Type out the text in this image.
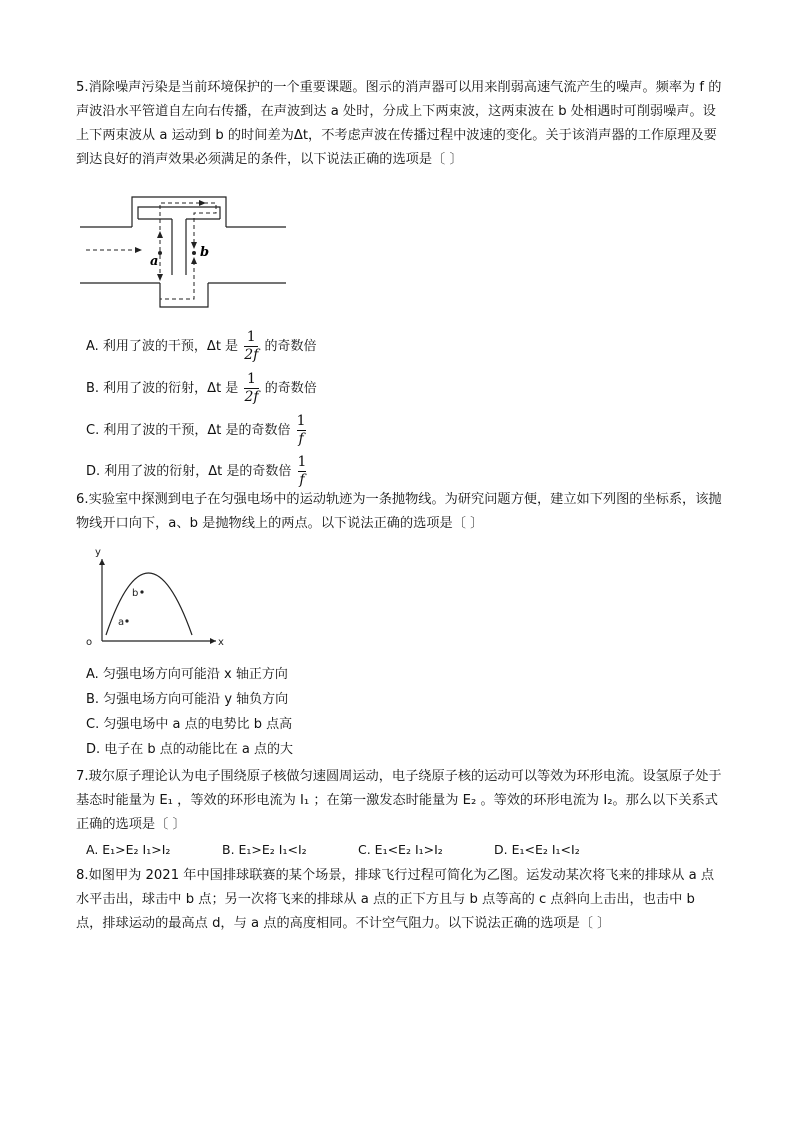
5.消除噪声污染是当前环境保护的一个重要课题。图示的消声器可以用来削弱高速气流产生的噪声。频率为 f 的声波沿水平管道自左向右传播，在声波到达 a 处时，分成上下两束波，这两束波在 b 处相遇时可削弱噪声。设上下两束波从 a 运动到 b 的时间差为Δt，不考虑声波在传播过程中波速的变化。关于该消声器的工作原理及要到达良好的消声效果必须满足的条件，以下说法正确的选项是〔 〕
a
b
A. 利用了波的干预，Δt 是 $\frac{1}{2f}$ 的奇数倍
B. 利用了波的衍射，Δt 是 $\frac{1}{2f}$ 的奇数倍
C. 利用了波的干预，Δt 是的奇数倍 $\frac{1}{f}$
D. 利用了波的衍射，Δt 是的奇数倍 $\frac{1}{f}$
6.实验室中探测到电子在匀强电场中的运动轨迹为一条抛物线。为研究问题方便，建立如下列图的坐标系，该抛物线开口向下，a、b 是抛物线上的两点。以下说法正确的选项是〔 〕
y
x
o
a
b
A. 匀强电场方向可能沿 x 轴正方向
B. 匀强电场方向可能沿 y 轴负方向
C. 匀强电场中 a 点的电势比 b 点高
D. 电子在 b 点的动能比在 a 点的大
7.玻尔原子理论认为电子围绕原子核做匀速圆周运动，电子绕原子核的运动可以等效为环形电流。设氢原子处于基态时能量为 E₁ ，等效的环形电流为 I₁ ；在第一激发态时能量为 E₂ 。等效的环形电流为 I₂。那么以下关系式正确的选项是〔 〕
A. E₁>E₂ I₁>I₂	B. E₁>E₂ I₁<I₂	C. E₁<E₂ I₁>I₂	D. E₁<E₂ I₁<I₂
8.如图甲为 2021 年中国排球联赛的某个场景，排球飞行过程可简化为乙图。运发动某次将飞来的排球从 a 点水平击出，球击中 b 点；另一次将飞来的排球从 a 点的正下方且与 b 点等高的 c 点斜向上击出，也击中 b 点，排球运动的最高点 d，与 a 点的高度相同。不计空气阻力。以下说法正确的选项是〔 〕
